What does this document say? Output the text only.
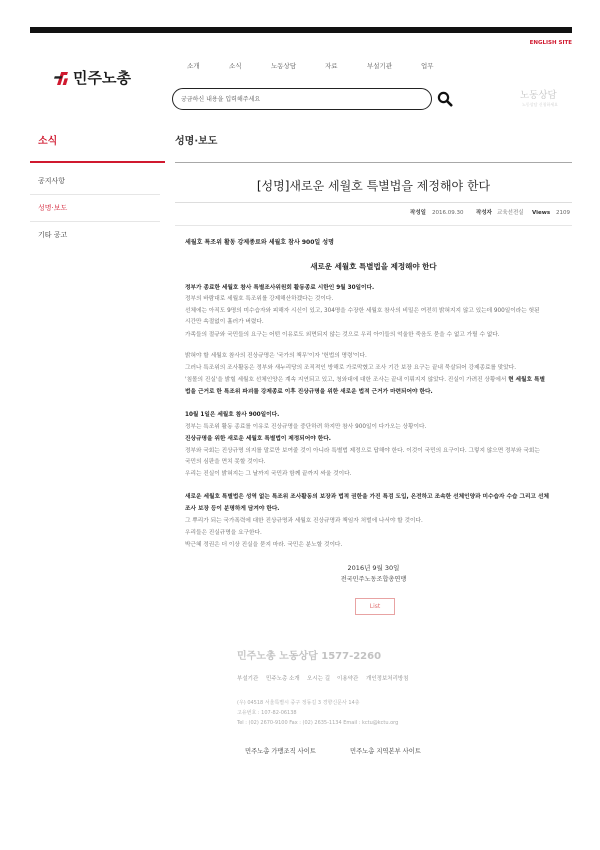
ENGLISH SITE
민주노총
소개	소식	노동상담	자료	부설기관	업무
궁금하신 내용을 입력해주세요
노동상담
노동상담 신청하세요
소식
공지사항
성명·보도
기타 공고
성명·보도
[성명]새로운 세월호 특별법을 제정해야 한다
작성일 2016.09.30 작성자 교육선전실 Views 2109
세월호 특조위 활동 강제종료와 세월호 참사 900일 성명
새로운 세월호 특별법을 제정해야 한다
정부가 종료한 세월호 참사 특별조사위원회 활동종료 시한인 9월 30일이다.
정부의 바람대로 세월호 특조위를 강제해산하겠다는 것이다.
선체에는 아직도 9명의 미수습자와 피해자 시신이 있고, 304명을 수장한 세월호 참사의 비밀은 여전히 밝혀지지 않고 있는데 900일이라는 헛된
시간만 속절없이 흘러가 버렸다.
가족들의 절규와 국민들의 요구는 어떤 이유로도 외면되지 않는 것으로 우리 아이들의 억울한 죽음도 묻을 수 없고 가릴 수 없다.
밝혀야 할 세월호 참사의 진상규명은 '국가의 책무'이자 '헌법의 명령'이다.
그러나 특조위의 조사활동은 정부와 새누리당의 조직적인 방해로 가로막혔고 조사 기간 보장 요구는 끝내 묵살되어 강제종료를 맞았다.
'침몰의 진실'을 밝힐 세월호 선체인양은 계속 지연되고 있고, 청와대에 대한 조사는 끝내 이뤄지지 않았다. 진실이 가려진 상황에서 현 세월호 특별
법을 근거로 한 특조위 파괴를 강제종료 이후 진상규명을 위한 새로운 법적 근거가 마련되어야 한다.
10월 1일은 세월호 참사 900일이다.
정부는 특조위 활동 종료를 이유로 진상규명을 중단하려 하지만 참사 900일이 다가오는 상황이다.
진상규명을 위한 새로운 세월호 특별법이 제정되어야 한다.
정부와 국회는 진상규명 의지를 말로만 보여줄 것이 아니라 특별법 제정으로 답해야 한다. 이것이 국민의 요구이다. 그렇지 않으면 정부와 국회는
국민의 심판을 면치 못할 것이다.
우리는 진실이 밝혀지는 그 날까지 국민과 함께 끝까지 싸울 것이다.
새로운 세월호 특별법은 성역 없는 특조위 조사활동의 보장과 법적 권한을 가진 특검 도입, 온전하고 조속한 선체인양과 미수습자 수습 그리고 선체
조사 보장 등이 분명하게 담겨야 한다.
그 뿌리가 되는 국가폭력에 대한 진상규명과 세월호 진상규명과 책임자 처벌에 나서야 할 것이다.
우리들은 진실규명을 요구한다.
박근혜 정권은 더 이상 진실을 묻지 마라. 국민은 분노할 것이다.
2016년 9월 30일
전국민주노동조합총연맹
List
민주노총 노동상담 1577-2260
부설기관 민주노총 소개 오시는 길 이용약관 개인정보처리방침
(우) 04518 서울특별시 중구 정동길 3 경향신문사 14층
고유번호 : 107-82-06138
Tel : (02) 2670-9100 Fax : (02) 2635-1134 Email : kctu@kctu.org
민주노총 가맹조직 사이트	민주노총 지역본부 사이트
